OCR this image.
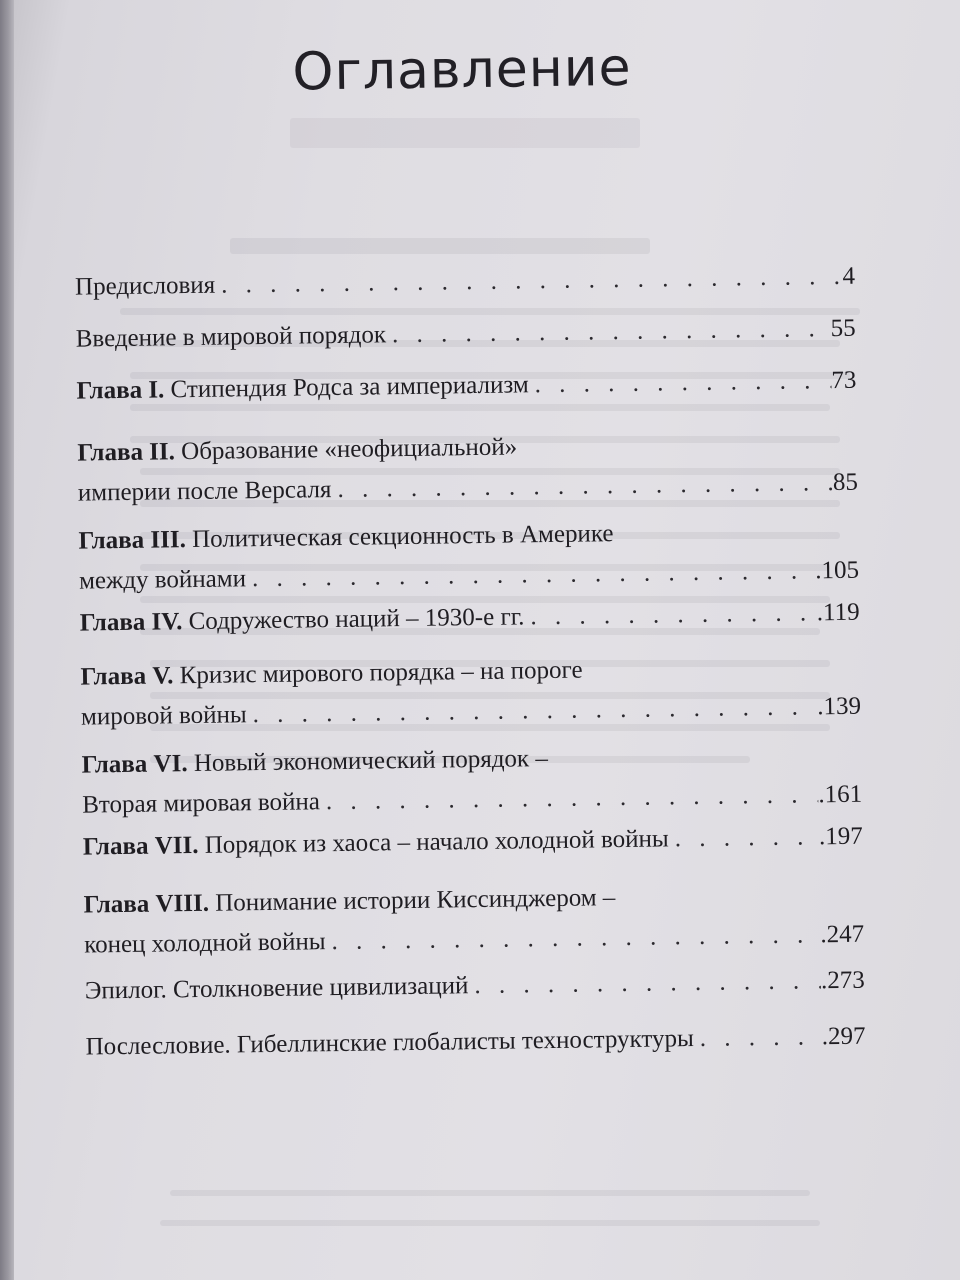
Оглавление
Предисловия . . .	4
Введение в мировой порядок . . .	55
Глава I. Стипендия Родса за империализм . . .	73
Глава II. Образование «неофициальной»
империи после Версаля . . .	85
Глава III. Политическая секционность в Америке
между войнами . . .	.105
Глава IV. Содружество наций – 1930-е гг. . . .	.119
Глава V. Кризис мирового порядка – на пороге
мировой войны . . .	.139
Глава VI. Новый экономический порядок –
Вторая мировая война . . .	.161
Глава VII. Порядок из хаоса – начало холодной войны . . .	.197
Глава VIII. Понимание истории Киссинджером –
конец холодной войны . . .	.247
Эпилог. Столкновение цивилизаций . . .	.273
Послесловие. Гибеллинские глобалисты техноструктуры . . .	.297
